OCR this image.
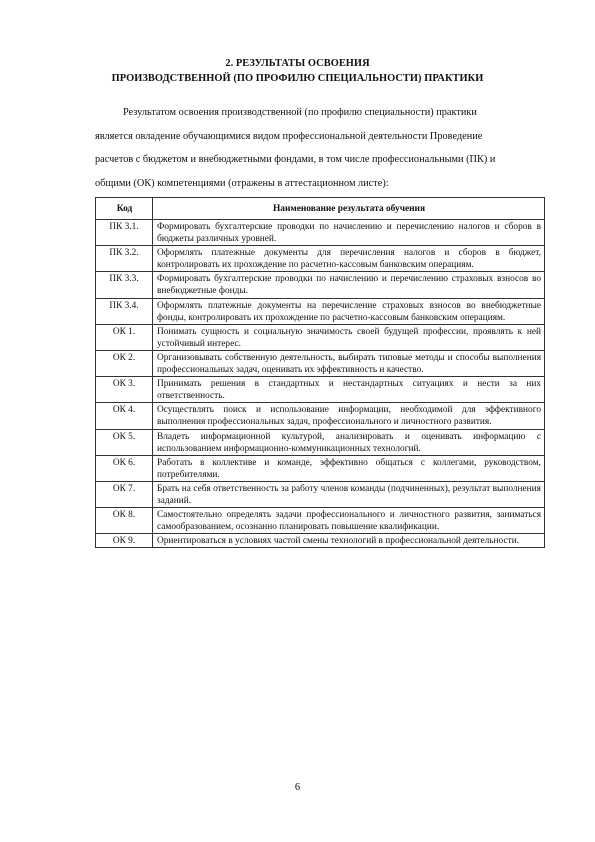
2. РЕЗУЛЬТАТЫ ОСВОЕНИЯ
ПРОИЗВОДСТВЕННОЙ (ПО ПРОФИЛЮ СПЕЦИАЛЬНОСТИ) ПРАКТИКИ
Результатом освоения производственной (по профилю специальности) практики
является овладение обучающимися видом профессиональной деятельности Проведение
расчетов с бюджетом и внебюджетными фондами, в том числе профессиональными (ПК) и
общими (ОК) компетенциями (отражены в аттестационном листе):
Код	Наименование результата обучения
ПК 3.1.	Формировать бухгалтерские проводки по начислению и перечислению налогов и сборов в бюджеты различных уровней.
ПК 3.2.	Оформлять платежные документы для перечисления налогов и сборов в бюджет, контролировать их прохождение по расчетно-кассовым банковским операциям.
ПК 3.3.	Формировать бухгалтерские проводки по начислению и перечислению страховых взносов во внебюджетные фонды.
ПК 3.4.	Оформлять платежные документы на перечисление страховых взносов во внебюджетные фонды, контролировать их прохождение по расчетно-кассовым банковским операциям.
ОК 1.	Понимать сущность и социальную значимость своей будущей профессии, проявлять к ней устойчивый интерес.
ОК 2.	Организовывать собственную деятельность, выбирать типовые методы и способы выполнения профессиональных задач, оценивать их эффективность и качество.
ОК 3.	Принимать решения в стандартных и нестандартных ситуациях и нести за них ответственность.
ОК 4.	Осуществлять поиск и использование информации, необходимой для эффективного выполнения профессиональных задач, профессионального и личностного развития.
ОК 5.	Владеть информационной культурой, анализировать и оценивать информацию с использованием информационно-коммуникационных технологий.
ОК 6.	Работать в коллективе и команде, эффективно общаться с коллегами, руководством, потребителями.
ОК 7.	Брать на себя ответственность за работу членов команды (подчиненных), результат выполнения заданий.
ОК 8.	Самостоятельно определять задачи профессионального и личностного развития, заниматься самообразованием, осознанно планировать повышение квалификации.
ОК 9.	Ориентироваться в условиях частой смены технологий в профессиональной деятельности.
6
